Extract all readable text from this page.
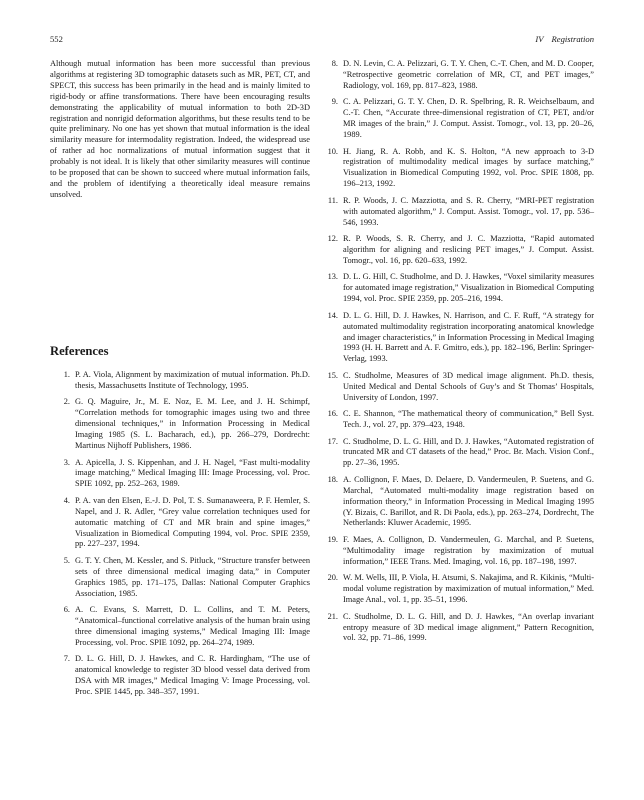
552	IV Registration

Although mutual information has been more successful than previous algorithms at registering 3D tomographic datasets such as MR, PET, CT, and SPECT, this success has been primarily in the head and is mainly limited to rigid-body or affine transformations. There have been encouraging results demonstrating the applicability of mutual information to both 2D-3D registration and nonrigid deformation algorithms, but these results tend to be quite preliminary. No one has yet shown that mutual information is the ideal similarity measure for intermodality registration. Indeed, the widespread use of rather ad hoc normalizations of mutual information suggest that it probably is not ideal. It is likely that other similarity measures will continue to be proposed that can be shown to succeed where mutual information fails, and the problem of identifying a theoretically ideal measure remains unsolved.

References
1. P. A. Viola, Alignment by maximization of mutual information. Ph.D. thesis, Massachusetts Institute of Technology, 1995.
2. G. Q. Maguire, Jr., M. E. Noz, E. M. Lee, and J. H. Schimpf, “Correlation methods for tomographic images using two and three dimensional techniques,” in Information Processing in Medical Imaging 1985 (S. L. Bacharach, ed.), pp. 266–279, Dordrecht: Martinus Nijhoff Publishers, 1986.
3. A. Apicella, J. S. Kippenhan, and J. H. Nagel, “Fast multi-modality image matching,” Medical Imaging III: Image Processing, vol. Proc. SPIE 1092, pp. 252–263, 1989.
4. P. A. van den Elsen, E.-J. D. Pol, T. S. Sumanaweera, P. F. Hemler, S. Napel, and J. R. Adler, “Grey value correlation techniques used for automatic matching of CT and MR brain and spine images,” Visualization in Biomedical Computing 1994, vol. Proc. SPIE 2359, pp. 227–237, 1994.
5. G. T. Y. Chen, M. Kessler, and S. Pitluck, “Structure transfer between sets of three dimensional medical imaging data,” in Computer Graphics 1985, pp. 171–175, Dallas: National Computer Graphics Association, 1985.
6. A. C. Evans, S. Marrett, D. L. Collins, and T. M. Peters, “Anatomical–functional correlative analysis of the human brain using three dimensional imaging systems,” Medical Imaging III: Image Processing, vol. Proc. SPIE 1092, pp. 264–274, 1989.
7. D. L. G. Hill, D. J. Hawkes, and C. R. Hardingham, “The use of anatomical knowledge to register 3D blood vessel data derived from DSA with MR images,” Medical Imaging V: Image Processing, vol. Proc. SPIE 1445, pp. 348–357, 1991.
8. D. N. Levin, C. A. Pelizzari, G. T. Y. Chen, C.-T. Chen, and M. D. Cooper, “Retrospective geometric correlation of MR, CT, and PET images,” Radiology, vol. 169, pp. 817–823, 1988.
9. C. A. Pelizzari, G. T. Y. Chen, D. R. Spelbring, R. R. Weichselbaum, and C.-T. Chen, “Accurate three-dimensional registration of CT, PET, and/or MR images of the brain,” J. Comput. Assist. Tomogr., vol. 13, pp. 20–26, 1989.
10. H. Jiang, R. A. Robb, and K. S. Holton, “A new approach to 3-D registration of multimodality medical images by surface matching,” Visualization in Biomedical Computing 1992, vol. Proc. SPIE 1808, pp. 196–213, 1992.
11. R. P. Woods, J. C. Mazziotta, and S. R. Cherry, “MRI-PET registration with automated algorithm,” J. Comput. Assist. Tomogr., vol. 17, pp. 536–546, 1993.
12. R. P. Woods, S. R. Cherry, and J. C. Mazziotta, “Rapid automated algorithm for aligning and reslicing PET images,” J. Comput. Assist. Tomogr., vol. 16, pp. 620–633, 1992.
13. D. L. G. Hill, C. Studholme, and D. J. Hawkes, “Voxel similarity measures for automated image registration,” Visualization in Biomedical Computing 1994, vol. Proc. SPIE 2359, pp. 205–216, 1994.
14. D. L. G. Hill, D. J. Hawkes, N. Harrison, and C. F. Ruff, “A strategy for automated multimodality registration incorporating anatomical knowledge and imager characteristics,” in Information Processing in Medical Imaging 1993 (H. H. Barrett and A. F. Gmitro, eds.), pp. 182–196, Berlin: Springer-Verlag, 1993.
15. C. Studholme, Measures of 3D medical image alignment. Ph.D. thesis, United Medical and Dental Schools of Guy’s and St Thomas’ Hospitals, University of London, 1997.
16. C. E. Shannon, “The mathematical theory of communication,” Bell Syst. Tech. J., vol. 27, pp. 379–423, 1948.
17. C. Studholme, D. L. G. Hill, and D. J. Hawkes, “Automated registration of truncated MR and CT datasets of the head,” Proc. Br. Mach. Vision Conf., pp. 27–36, 1995.
18. A. Collignon, F. Maes, D. Delaere, D. Vandermeulen, P. Suetens, and G. Marchal, “Automated multi-modality image registration based on information theory,” in Information Processing in Medical Imaging 1995 (Y. Bizais, C. Barillot, and R. Di Paola, eds.), pp. 263–274, Dordrecht, The Netherlands: Kluwer Academic, 1995.
19. F. Maes, A. Collignon, D. Vandermeulen, G. Marchal, and P. Suetens, “Multimodality image registration by maximization of mutual information,” IEEE Trans. Med. Imaging, vol. 16, pp. 187–198, 1997.
20. W. M. Wells, III, P. Viola, H. Atsumi, S. Nakajima, and R. Kikinis, “Multi-modal volume registration by maximization of mutual information,” Med. Image Anal., vol. 1, pp. 35–51, 1996.
21. C. Studholme, D. L. G. Hill, and D. J. Hawkes, “An overlap invariant entropy measure of 3D medical image alignment,” Pattern Recognition, vol. 32, pp. 71–86, 1999.
